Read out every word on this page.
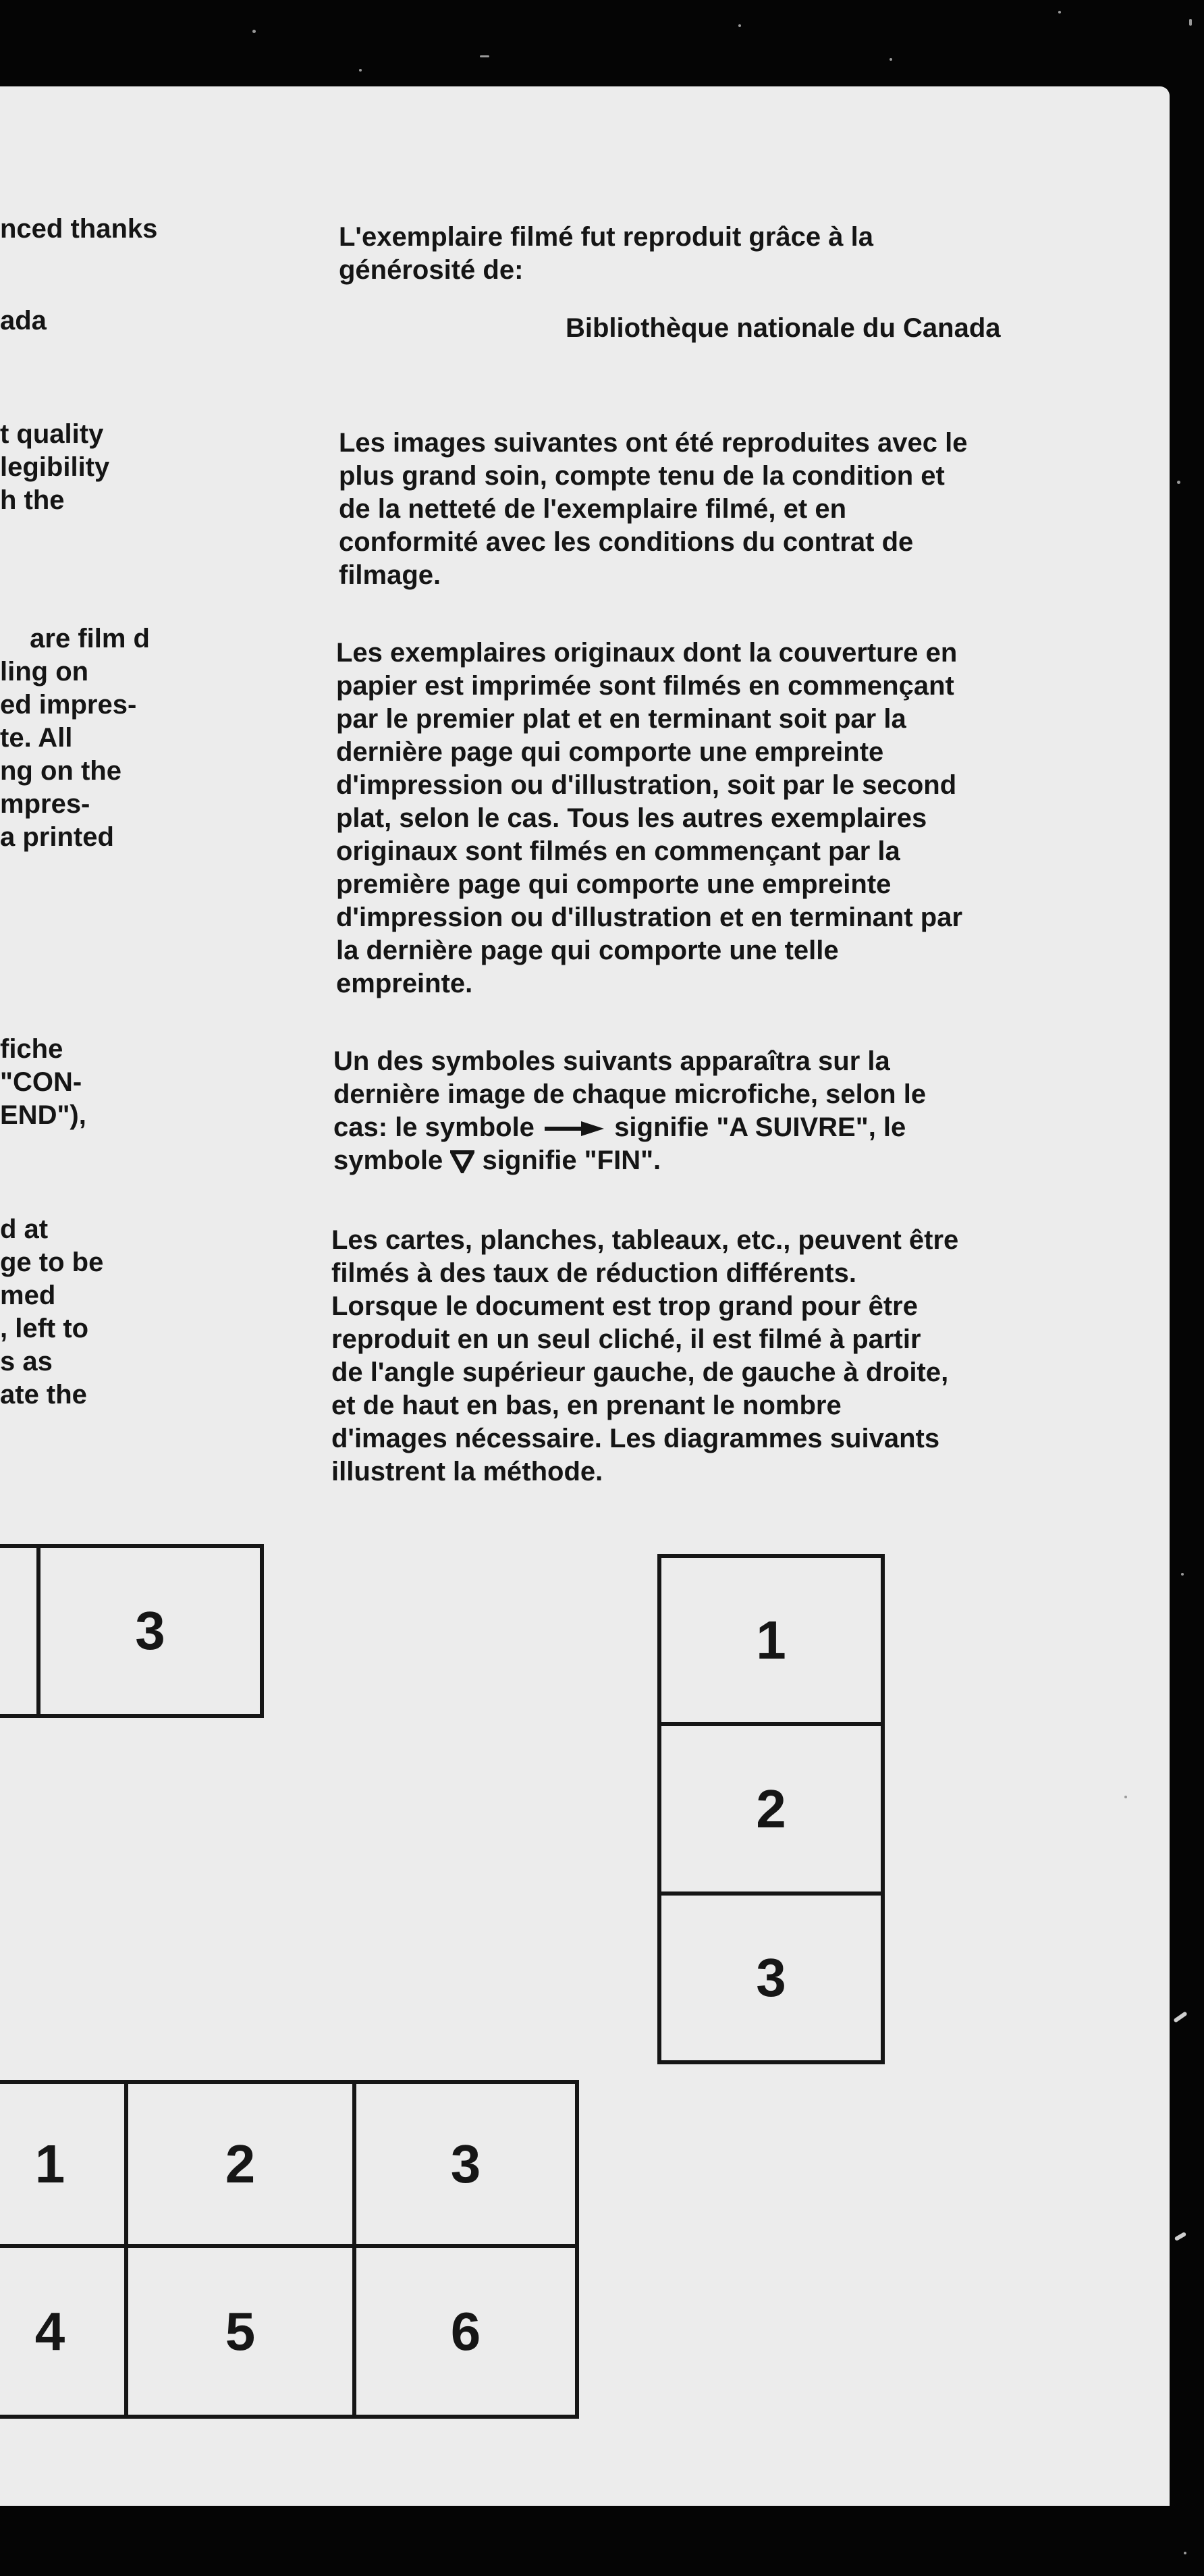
nced thanks
ada
t quality
legibility
h the
are film d
ling on
ed impres-
te. All
ng on the
mpres-
a printed
fiche
"CON-
END"),
d at
ge to be
med
, left to
s as
ate the
L'exemplaire filmé fut reproduit grâce à la
générosité de:
Bibliothèque nationale du Canada
Les images suivantes ont été reproduites avec le
plus grand soin, compte tenu de la condition et
de la netteté de l'exemplaire filmé, et en
conformité avec les conditions du contrat de
filmage.
Les exemplaires originaux dont la couverture en
papier est imprimée sont filmés en commençant
par le premier plat et en terminant soit par la
dernière page qui comporte une empreinte
d'impression ou d'illustration, soit par le second
plat, selon le cas. Tous les autres exemplaires
originaux sont filmés en commençant par la
première page qui comporte une empreinte
d'impression ou d'illustration et en terminant par
la dernière page qui comporte une telle
empreinte.
Un des symboles suivants apparaîtra sur la
dernière image de chaque microfiche, selon le
cas: le symbole	signifie "A SUIVRE", le
symbole signifie "FIN".
Les cartes, planches, tableaux, etc., peuvent être
filmés à des taux de réduction différents.
Lorsque le document est trop grand pour être
reproduit en un seul cliché, il est filmé à partir
de l'angle supérieur gauche, de gauche à droite,
et de haut en bas, en prenant le nombre
d'images nécessaire. Les diagrammes suivants
illustrent la méthode.
3	1
2
3
1	2	3
4	5	6
